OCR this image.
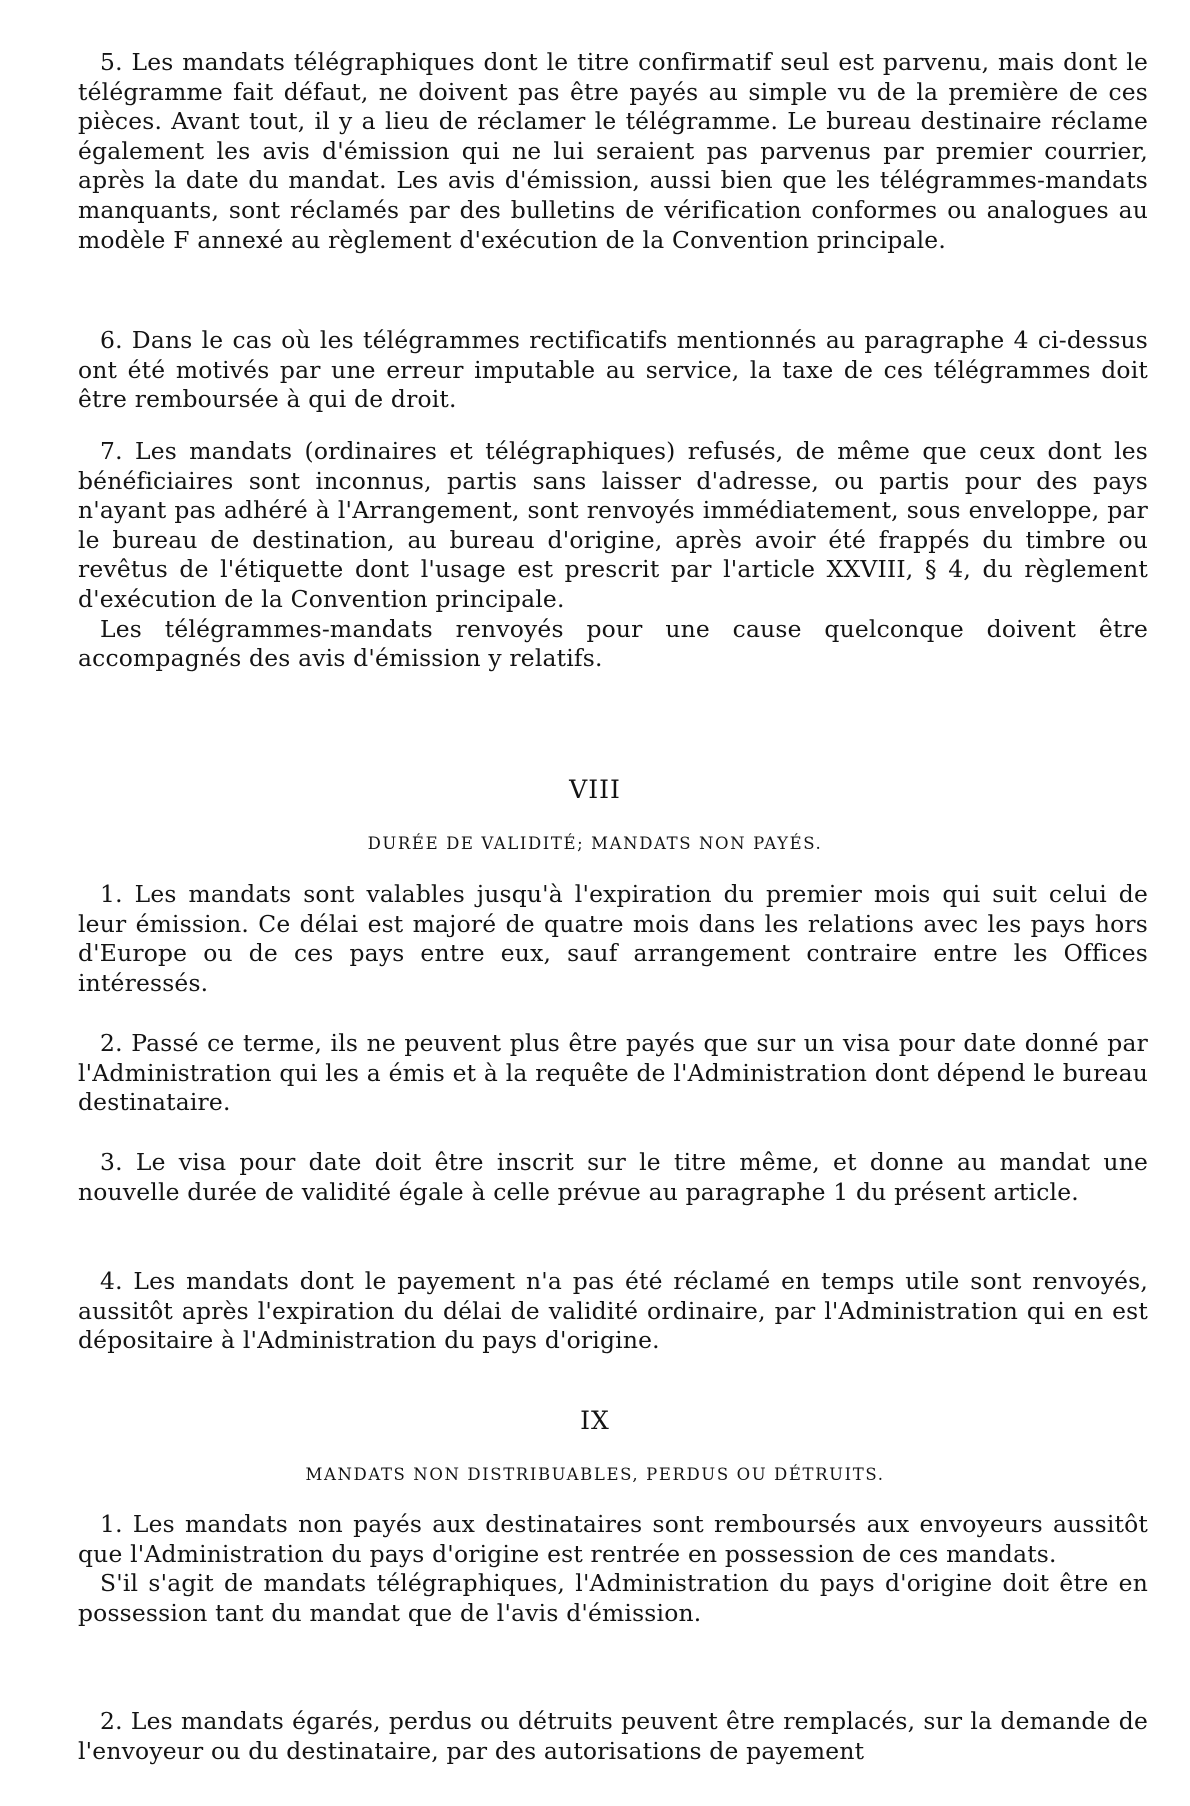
5. Les mandats télégraphiques dont le titre confirmatif seul est parvenu, mais dont le télégramme fait défaut, ne doivent pas être payés au simple vu de la première de ces pièces. Avant tout, il y a lieu de réclamer le télégramme. Le bureau destinaire réclame également les avis d'émission qui ne lui seraient pas parvenus par premier courrier, après la date du mandat. Les avis d'émission, aussi bien que les télégrammes-mandats manquants, sont réclamés par des bulletins de vérification conformes ou analogues au modèle F annexé au règlement d'exécution de la Convention principale.

6. Dans le cas où les télégrammes rectificatifs mentionnés au paragraphe 4 ci-dessus ont été motivés par une erreur imputable au service, la taxe de ces télégrammes doit être remboursée à qui de droit.

7. Les mandats (ordinaires et télégraphiques) refusés, de même que ceux dont les bénéficiaires sont inconnus, partis sans laisser d'adresse, ou partis pour des pays n'ayant pas adhéré à l'Arrangement, sont renvoyés immédiatement, sous enveloppe, par le bureau de destination, au bureau d'origine, après avoir été frappés du timbre ou revêtus de l'étiquette dont l'usage est prescrit par l'article XXVIII, § 4, du règlement d'exécution de la Convention principale.

Les télégrammes-mandats renvoyés pour une cause quelconque doivent être accompagnés des avis d'émission y relatifs.

VIII
DURÉE DE VALIDITÉ; MANDATS NON PAYÉS.

1. Les mandats sont valables jusqu'à l'expiration du premier mois qui suit celui de leur émission. Ce délai est majoré de quatre mois dans les relations avec les pays hors d'Europe ou de ces pays entre eux, sauf arrangement contraire entre les Offices intéressés.

2. Passé ce terme, ils ne peuvent plus être payés que sur un visa pour date donné par l'Administration qui les a émis et à la requête de l'Administration dont dépend le bureau destinataire.

3. Le visa pour date doit être inscrit sur le titre même, et donne au mandat une nouvelle durée de validité égale à celle prévue au paragraphe 1 du présent article.

4. Les mandats dont le payement n'a pas été réclamé en temps utile sont renvoyés, aussitôt après l'expiration du délai de validité ordinaire, par l'Administration qui en est dépositaire à l'Administration du pays d'origine.

IX
MANDATS NON DISTRIBUABLES, PERDUS OU DÉTRUITS.

1. Les mandats non payés aux destinataires sont remboursés aux envoyeurs aussitôt que l'Administration du pays d'origine est rentrée en possession de ces mandats.

S'il s'agit de mandats télégraphiques, l'Administration du pays d'origine doit être en possession tant du mandat que de l'avis d'émission.

2. Les mandats égarés, perdus ou détruits peuvent être remplacés, sur la demande de l'envoyeur ou du destinataire, par des autorisations de payement
